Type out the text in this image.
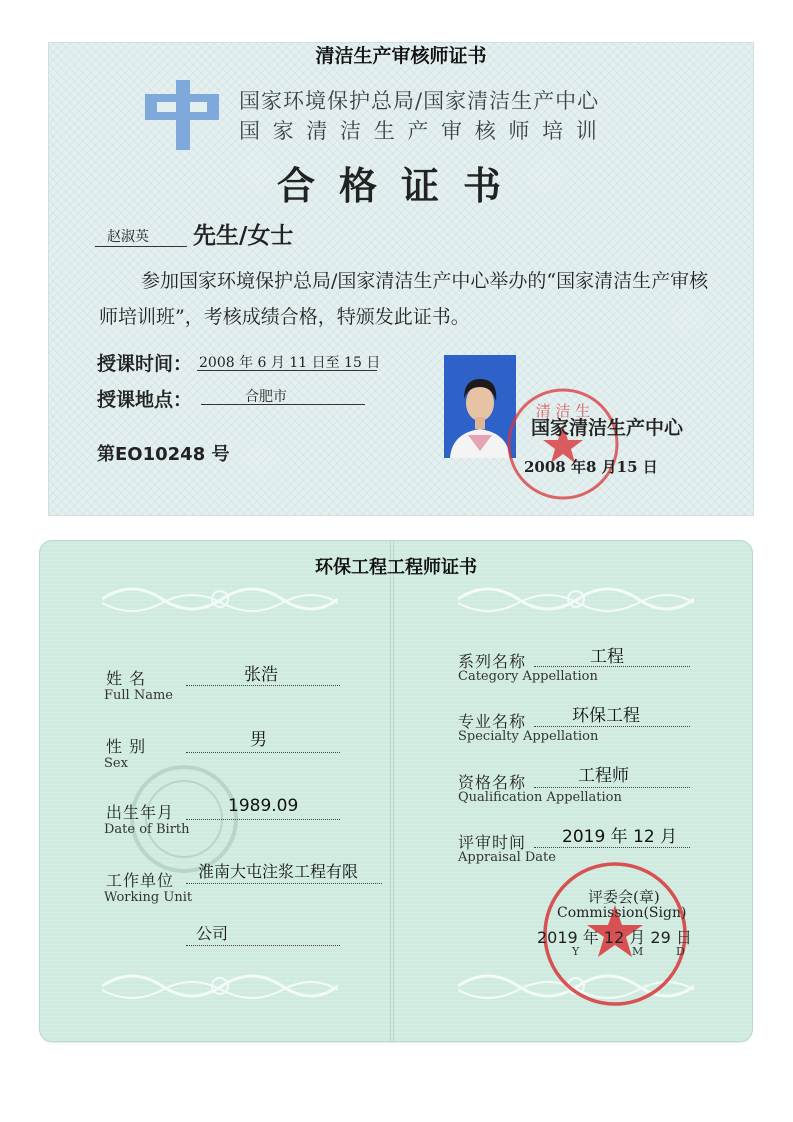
清洁生产审核师证书
国家环境保护总局/国家清洁生产中心
国 家 清 洁 生 产 审 核 师 培 训
合格证书
赵淑英 先生/女士
参加国家环境保护总局/国家清洁生产中心举办的“国家清洁生产审核师培训班”，考核成绩合格，特颁发此证书。
授课时间： 2008 年 6 月 11 日至 15 日
授课地点：	合肥市
第EO10248 号
清 洁 生
国家清洁生产中心
2008 年8 月15 日
环保工程工程师证书
姓 名
Full Name
张浩
性 别
Sex
男
出生年月
Date of Birth
1989.09
工作单位
Working Unit
淮南大屯注浆工程有限
公司
系列名称
Category Appellation
工程
专业名称
Specialty Appellation
环保工程
资格名称
Qualification Appellation
工程师
评审时间
Appraisal Date
2019 年 12 月
评委会(章)
Commission(Sign)
2019 年 12 月 29 日
Y	M	D
